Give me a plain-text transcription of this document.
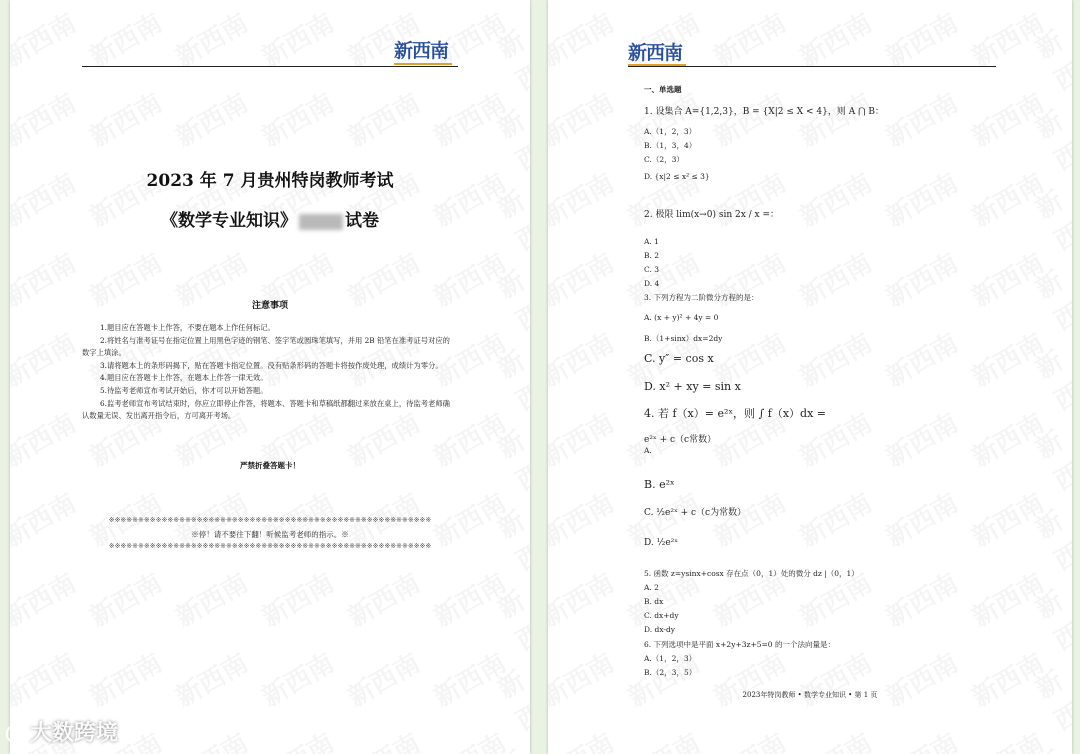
新西南
2023 年 7 月贵州特岗教师考试
《数学专业知识》	试卷
注意事项

1.题目应在答题卡上作答，不要在题本上作任何标记。

2.将姓名与准考证号在指定位置上用黑色字迹的钢笔、签字笔或圆珠笔填写，并用 2B 铅笔在准考证号对应的数字上填涂。

3.请将题本上的条形码揭下，贴在答题卡指定位置。没有贴条形码的答题卡将按作废处理，成绩计为零分。

4.题目应在答题卡上作答，在题本上作答一律无效。

5.待监考老师宣布考试开始后，你才可以开始答题。

6.监考老师宣布考试结束时，你应立即停止作答，将题本、答题卡和草稿纸都翻过来放在桌上，待监考老师确认数量无误、发出离开指令后，方可离开考场。

严禁折叠答题卡！
※※※※※※※※※※※※※※※※※※※※※※※※※※※※※※※※※※※※※※※※※※※※※※※※※※※※※※※
※停！请不要往下翻！听候监考老师的指示。※
※※※※※※※※※※※※※※※※※※※※※※※※※※※※※※※※※※※※※※※※※※※※※※※※※※※※※※※
新西南
一、单选题
1. 设集合 A={1,2,3}，B = {X|2 ≤ X < 4}，则 A ⋂ B：
A.（1，2，3）
B.（1，3，4）
C.（2，3）
D. {x|2 ≤ x² ≤ 3}
2. 极限 lim(x→0) sin 2x / x =：
A. 1
B. 2
C. 3
D. 4
3. 下列方程为二阶微分方程的是：
A. (x + y)² + 4y = 0
B.（1+sinx）dx=2dy
C. y″ = cos x
D. x² + xy = sin x
4. 若 f（x）= e²ˣ，则 ∫ f（x）dx =
e²ˣ + c（c常数）
A.
B. e²ˣ
C. ½e²ˣ + c（c为常数）
D. ½e²ˣ
5. 函数 z=ysinx+cosx 存在点（0，1）处的微分 dz |（0，1）
A. 2
B. dx
C. dx+dy
D. dx-dy
6. 下列选项中是平面 x+2y+3z+5=0 的一个法向量是：
A.（1，2，3）
B.（2，3，5）
2023年特岗教师 • 数学专业知识 • 第 1 页
大数跨境
